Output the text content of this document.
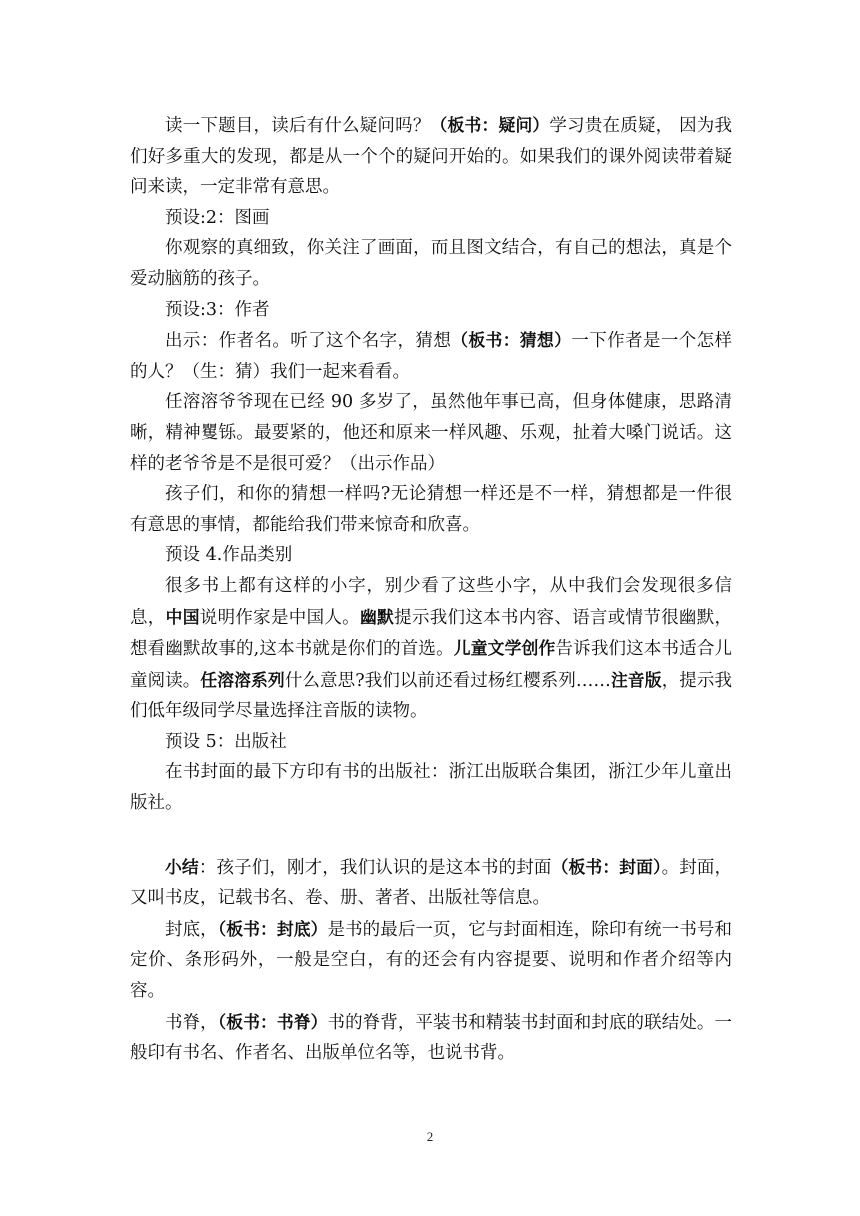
读一下题目，读后有什么疑问吗？（板书：疑问）学习贵在质疑， 因为我们好多重大的发现，都是从一个个的疑问开始的。如果我们的课外阅读带着疑问来读，一定非常有意思。

预设:2：图画

你观察的真细致，你关注了画面，而且图文结合，有自己的想法，真是个爱动脑筋的孩子。

预设:3：作者

出示：作者名。听了这个名字，猜想（板书：猜想）一下作者是一个怎样的人？（生：猜）我们一起来看看。

任溶溶爷爷现在已经 90 多岁了，虽然他年事已高，但身体健康，思路清晰，精神矍铄。最要紧的，他还和原来一样风趣、乐观，扯着大嗓门说话。这样的老爷爷是不是很可爱？（出示作品）

孩子们，和你的猜想一样吗?无论猜想一样还是不一样，猜想都是一件很有意思的事情，都能给我们带来惊奇和欣喜。

预设 4.作品类别

很多书上都有这样的小字，别少看了这些小字，从中我们会发现很多信息，中国说明作家是中国人。幽默提示我们这本书内容、语言或情节很幽默，想看幽默故事的,这本书就是你们的首选。儿童文学创作告诉我们这本书适合儿童阅读。任溶溶系列什么意思?我们以前还看过杨红樱系列……注音版，提示我们低年级同学尽量选择注音版的读物。

预设 5：出版社

在书封面的最下方印有书的出版社：浙江出版联合集团，浙江少年儿童出版社。

小结：孩子们，刚才，我们认识的是这本书的封面（板书：封面）。封面，又叫书皮，记载书名、卷、册、著者、出版社等信息。

封底，（板书：封底）是书的最后一页，它与封面相连，除印有统一书号和定价、条形码外，一般是空白，有的还会有内容提要、说明和作者介绍等内容。

书脊，（板书：书脊）书的脊背，平装书和精装书封面和封底的联结处。一般印有书名、作者名、出版单位名等，也说书背。

2
